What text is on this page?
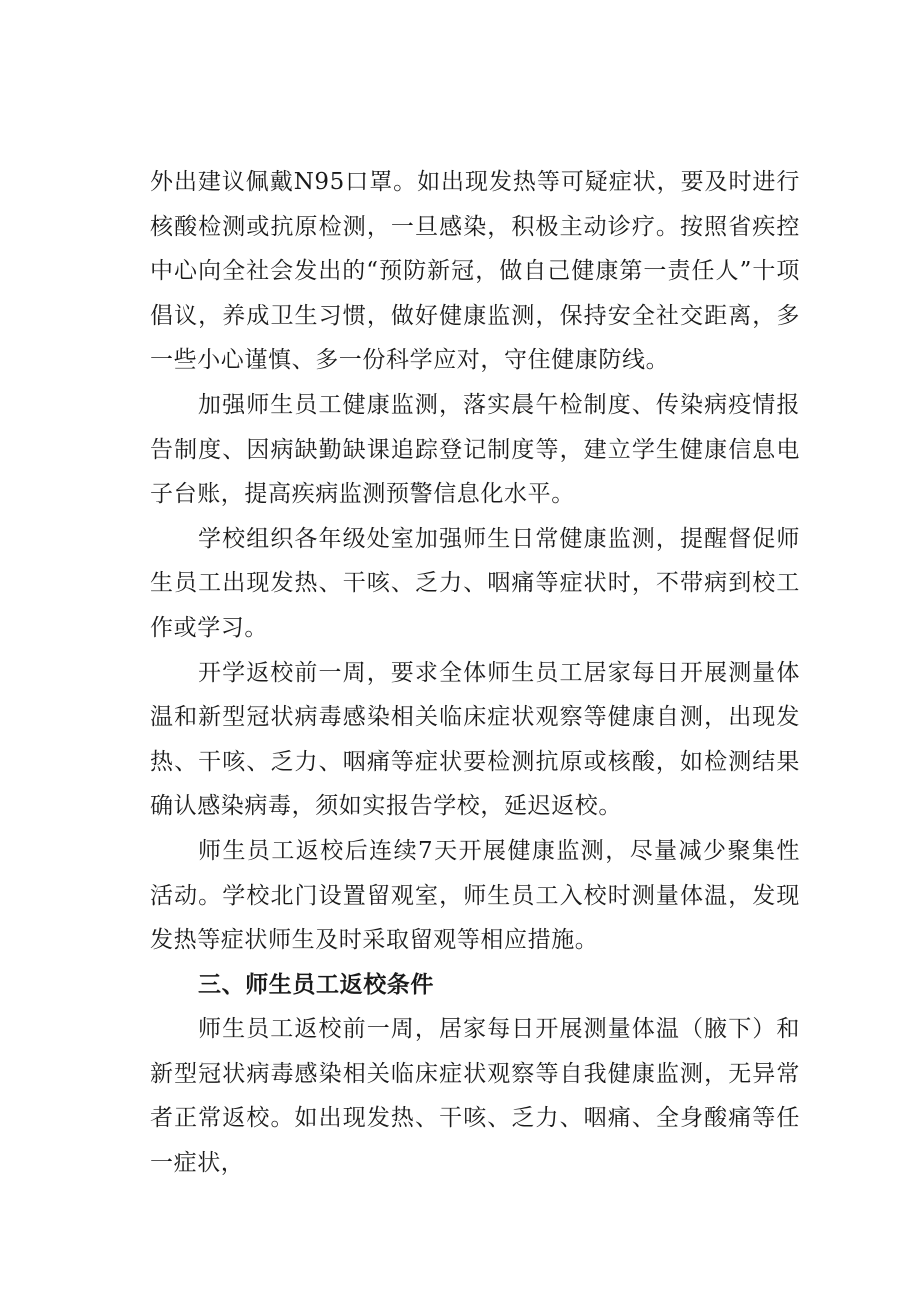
外出建议佩戴N95口罩。如出现发热等可疑症状，要及时进行核酸检测或抗原检测，一旦感染，积极主动诊疗。按照省疾控中心向全社会发出的“预防新冠，做自己健康第一责任人”十项倡议，养成卫生习惯，做好健康监测，保持安全社交距离，多一些小心谨慎、多一份科学应对，守住健康防线。

加强师生员工健康监测，落实晨午检制度、传染病疫情报告制度、因病缺勤缺课追踪登记制度等，建立学生健康信息电子台账，提高疾病监测预警信息化水平。

学校组织各年级处室加强师生日常健康监测，提醒督促师生员工出现发热、干咳、乏力、咽痛等症状时，不带病到校工作或学习。

开学返校前一周，要求全体师生员工居家每日开展测量体温和新型冠状病毒感染相关临床症状观察等健康自测，出现发热、干咳、乏力、咽痛等症状要检测抗原或核酸，如检测结果确认感染病毒，须如实报告学校，延迟返校。

师生员工返校后连续7天开展健康监测，尽量减少聚集性活动。学校北门设置留观室，师生员工入校时测量体温，发现发热等症状师生及时采取留观等相应措施。

三、师生员工返校条件

师生员工返校前一周，居家每日开展测量体温（腋下）和新型冠状病毒感染相关临床症状观察等自我健康监测，无异常者正常返校。如出现发热、干咳、乏力、咽痛、全身酸痛等任一症状，
